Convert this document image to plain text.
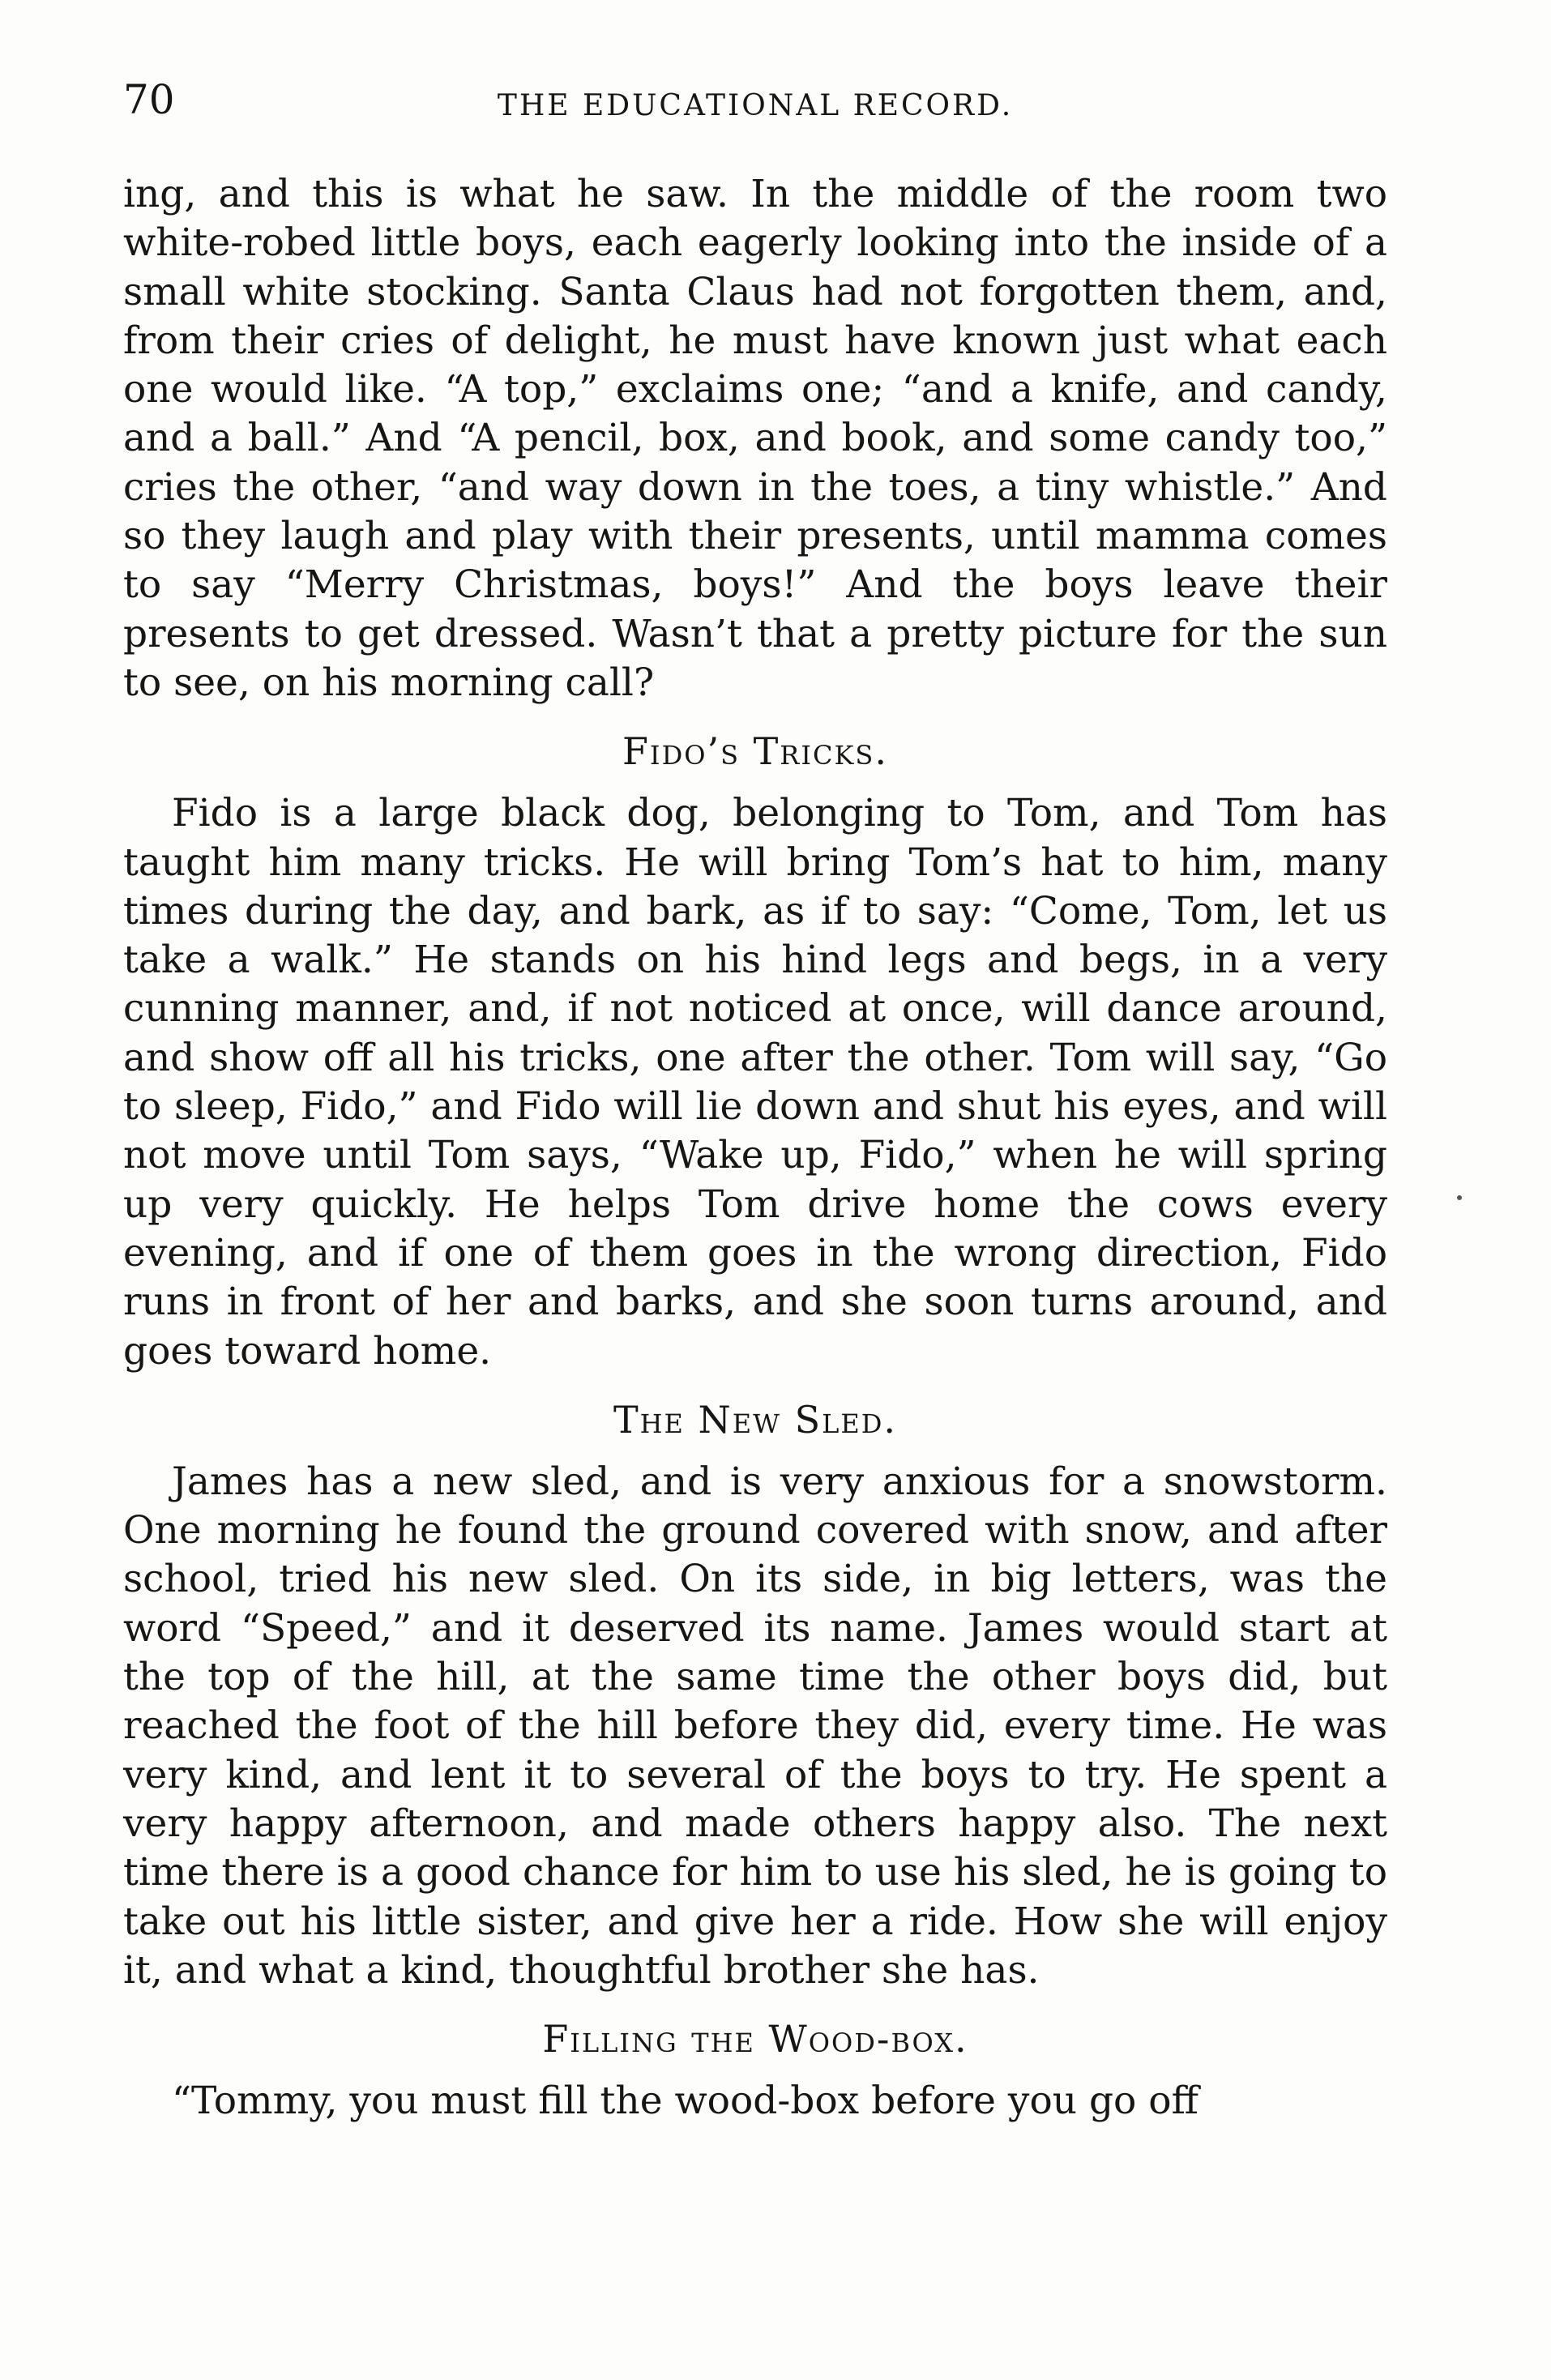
70	THE EDUCATIONAL RECORD.

ing, and this is what he saw. In the middle of the room two white-robed little boys, each eagerly looking into the inside of a small white stocking. Santa Claus had not forgotten them, and, from their cries of delight, he must have known just what each one would like. “A top,” exclaims one; “and a knife, and candy, and a ball.” And “A pencil, box, and book, and some candy too,” cries the other, “and way down in the toes, a tiny whistle.” And so they laugh and play with their presents, until mamma comes to say “Merry Christmas, boys!” And the boys leave their presents to get dressed. Wasn’t that a pretty picture for the sun to see, on his morning call?

Fido’s Tricks.

Fido is a large black dog, belonging to Tom, and Tom has taught him many tricks. He will bring Tom’s hat to him, many times during the day, and bark, as if to say: “Come, Tom, let us take a walk.” He stands on his hind legs and begs, in a very cunning manner, and, if not noticed at once, will dance around, and show off all his tricks, one after the other. Tom will say, “Go to sleep, Fido,” and Fido will lie down and shut his eyes, and will not move until Tom says, “Wake up, Fido,” when he will spring up very quickly. He helps Tom drive home the cows every evening, and if one of them goes in the wrong direction, Fido runs in front of her and barks, and she soon turns around, and goes toward home.

The New Sled.

James has a new sled, and is very anxious for a snowstorm. One morning he found the ground covered with snow, and after school, tried his new sled. On its side, in big letters, was the word “Speed,” and it deserved its name. James would start at the top of the hill, at the same time the other boys did, but reached the foot of the hill before they did, every time. He was very kind, and lent it to several of the boys to try. He spent a very happy afternoon, and made others happy also. The next time there is a good chance for him to use his sled, he is going to take out his little sister, and give her a ride. How she will enjoy it, and what a kind, thoughtful brother she has.

Filling the Wood-box.

“Tommy, you must fill the wood-box before you go off
